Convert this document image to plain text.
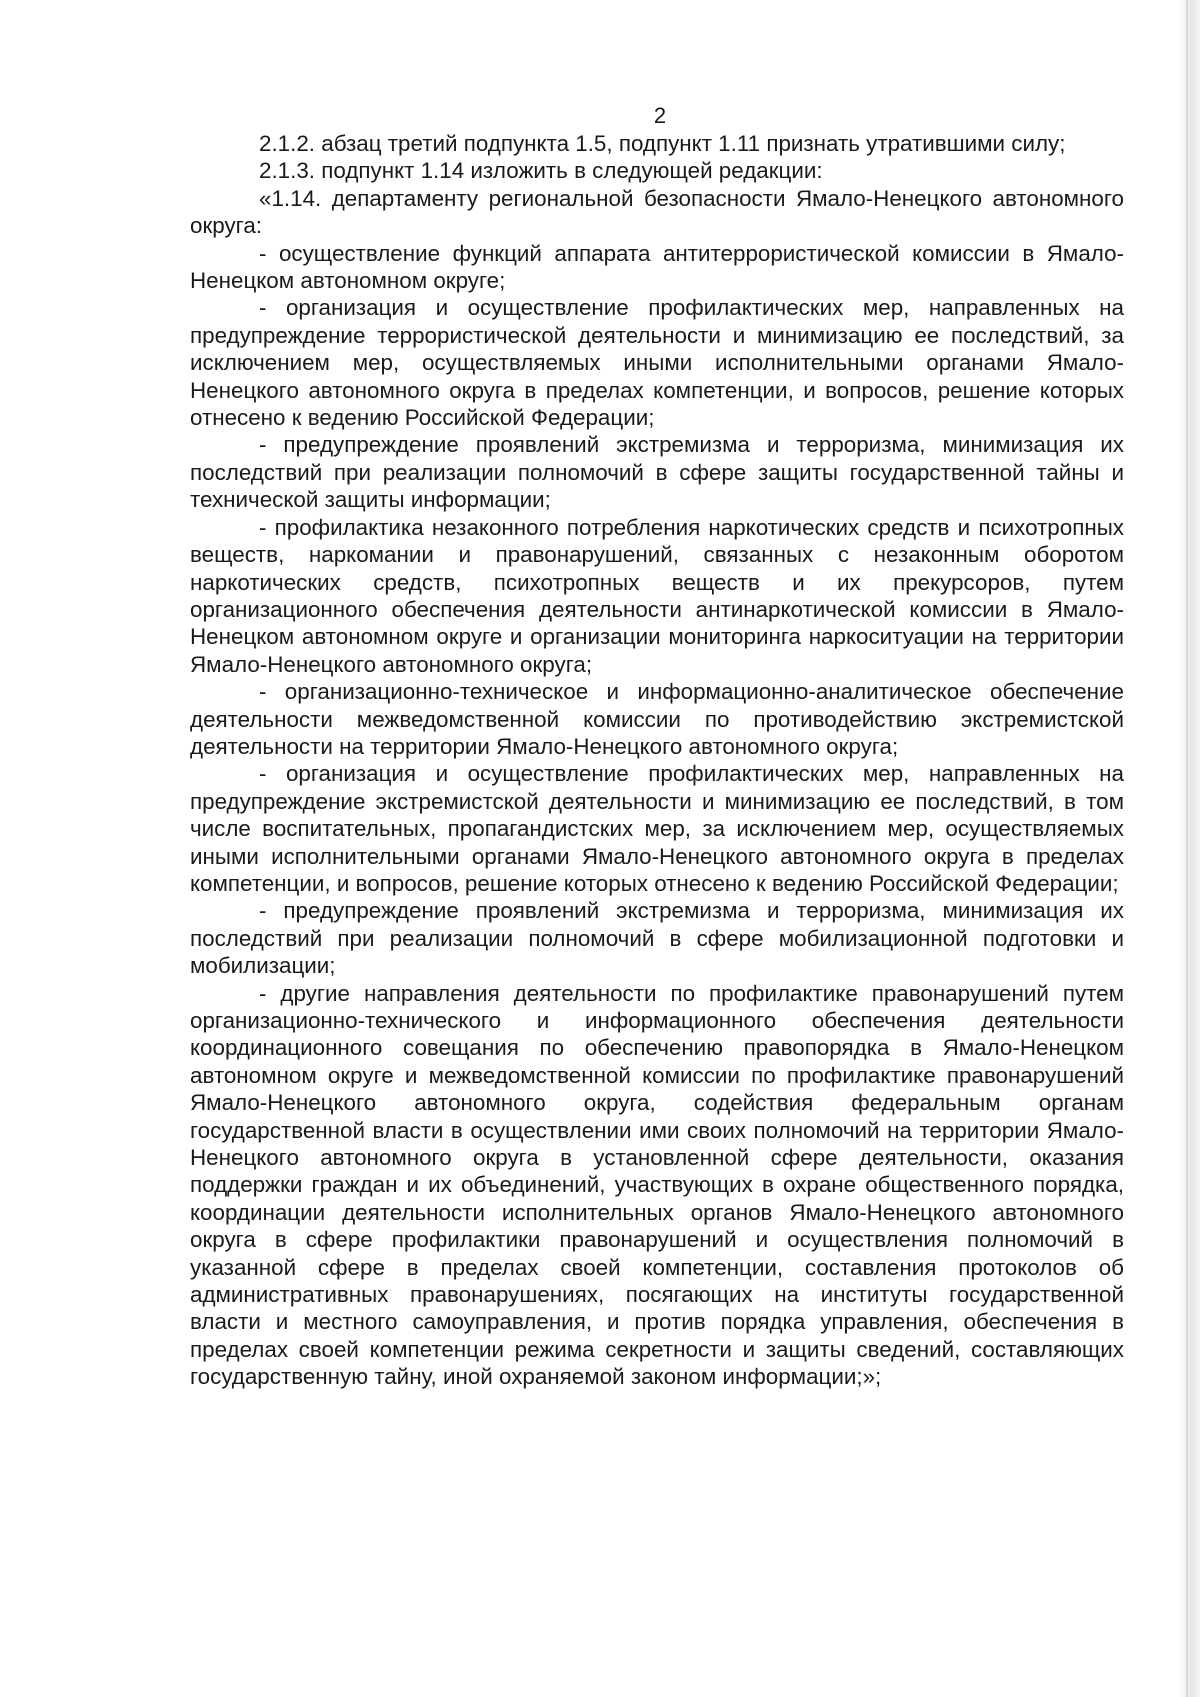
2

2.1.2. абзац третий подпункта 1.5, подпункт 1.11 признать утратившими силу;

2.1.3. подпункт 1.14 изложить в следующей редакции:

«1.14. департаменту региональной безопасности Ямало-Ненецкого автономного округа:

- осуществление функций аппарата антитеррористической комиссии в Ямало-Ненецком автономном округе;

- организация и осуществление профилактических мер, направленных на предупреждение террористической деятельности и минимизацию ее последствий, за исключением мер, осуществляемых иными исполнительными органами Ямало-Ненецкого автономного округа в пределах компетенции, и вопросов, решение которых отнесено к ведению Российской Федерации;

- предупреждение проявлений экстремизма и терроризма, минимизация их последствий при реализации полномочий в сфере защиты государственной тайны и технической защиты информации;

- профилактика незаконного потребления наркотических средств и психотропных веществ, наркомании и правонарушений, связанных с незаконным оборотом наркотических средств, психотропных веществ и их прекурсоров, путем организационного обеспечения деятельности антинаркотической комиссии в Ямало-Ненецком автономном округе и организации мониторинга наркоситуации на территории Ямало-Ненецкого автономного округа;

- организационно-техническое и информационно-аналитическое обеспечение деятельности межведомственной комиссии по противодействию экстремистской деятельности на территории Ямало-Ненецкого автономного округа;

- организация и осуществление профилактических мер, направленных на предупреждение экстремистской деятельности и минимизацию ее последствий, в том числе воспитательных, пропагандистских мер, за исключением мер, осуществляемых иными исполнительными органами Ямало-Ненецкого автономного округа в пределах компетенции, и вопросов, решение которых отнесено к ведению Российской Федерации;

- предупреждение проявлений экстремизма и терроризма, минимизация их последствий при реализации полномочий в сфере мобилизационной подготовки и мобилизации;

- другие направления деятельности по профилактике правонарушений путем организационно-технического и информационного обеспечения деятельности координационного совещания по обеспечению правопорядка в Ямало-Ненецком автономном округе и межведомственной комиссии по профилактике правонарушений Ямало-Ненецкого автономного округа, содействия федеральным органам государственной власти в осуществлении ими своих полномочий на территории Ямало-Ненецкого автономного округа в установленной сфере деятельности, оказания поддержки граждан и их объединений, участвующих в охране общественного порядка, координации деятельности исполнительных органов Ямало-Ненецкого автономного округа в сфере профилактики правонарушений и осуществления полномочий в указанной сфере в пределах своей компетенции, составления протоколов об административных правонарушениях, посягающих на институты государственной власти и местного самоуправления, и против порядка управления, обеспечения в пределах своей компетенции режима секретности и защиты сведений, составляющих государственную тайну, иной охраняемой законом информации;»;
